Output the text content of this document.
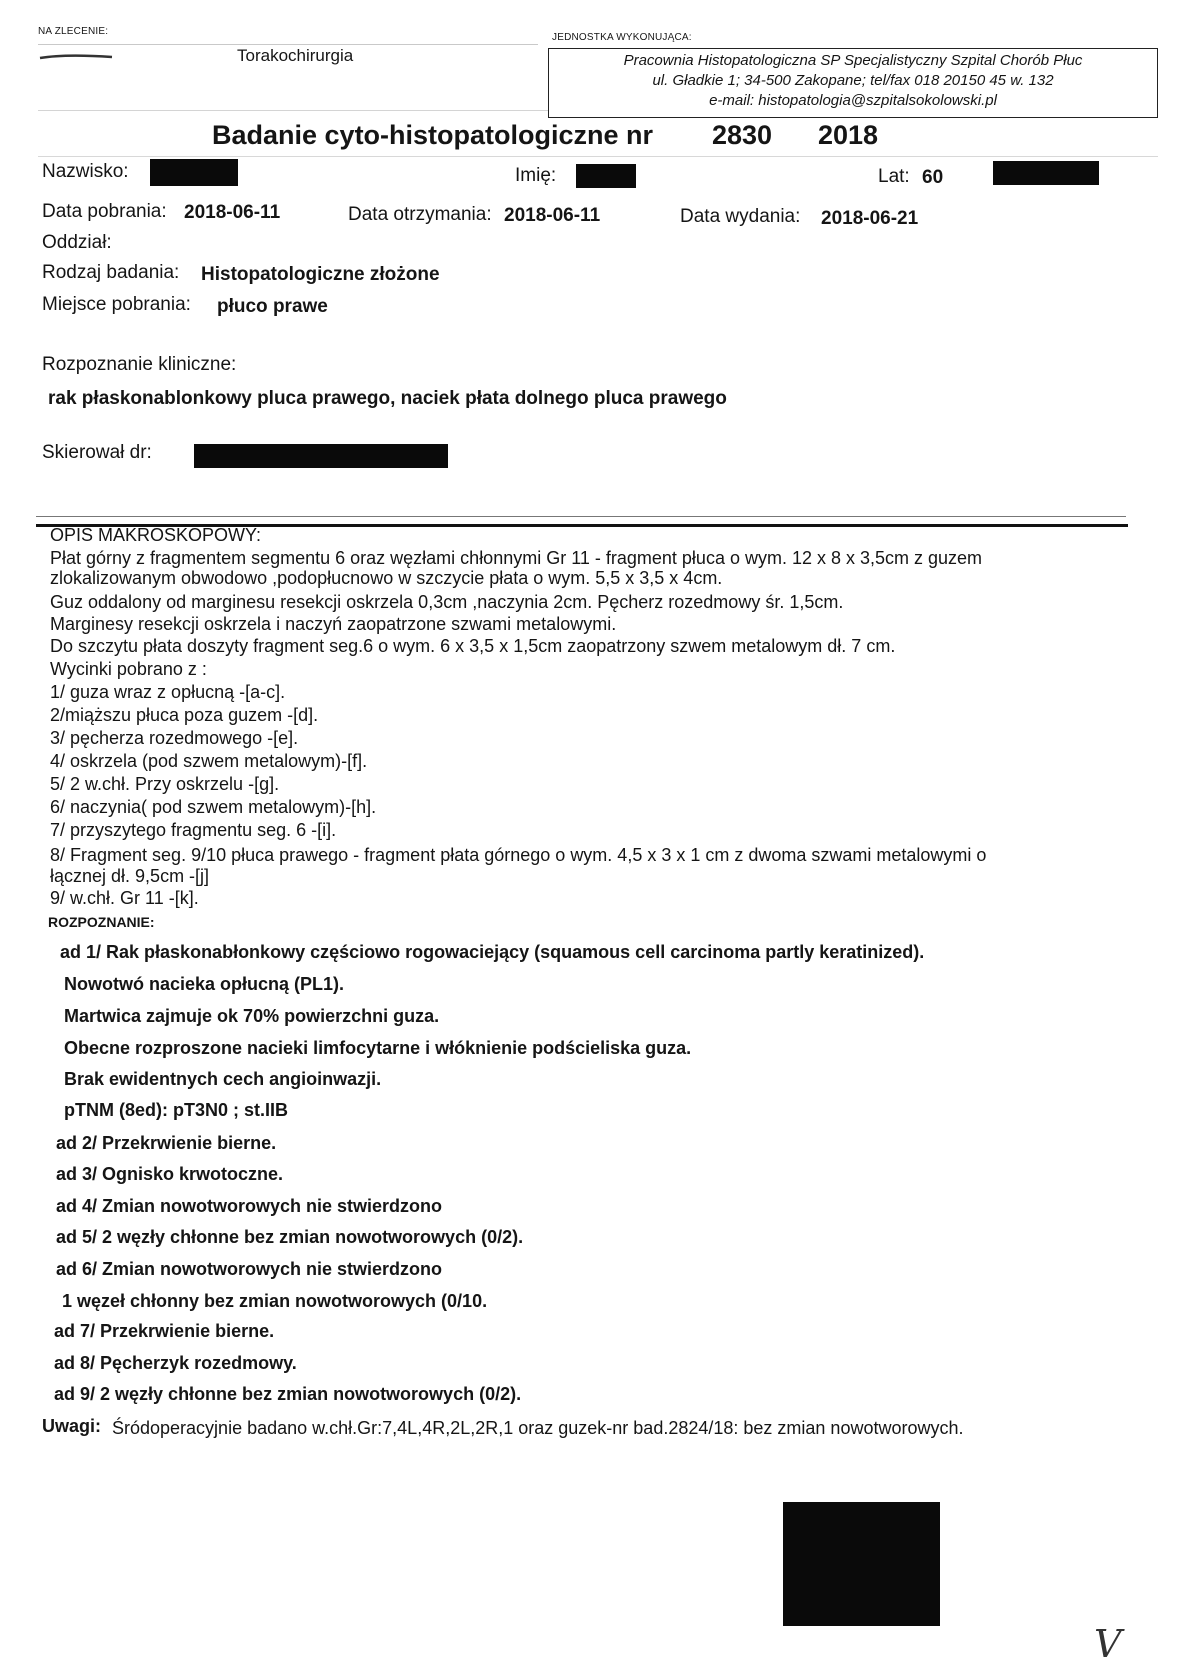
NA ZLECENIE:
Torakochirurgia
JEDNOSTKA WYKONUJĄCA:
Pracownia Histopatologiczna SP Specjalistyczny Szpital Chorób Płuc
ul. Gładkie 1; 34-500 Zakopane; tel/fax 018 20150 45 w. 132
e-mail: histopatologia@szpitalsokolowski.pl
Badanie cyto-histopatologiczne nr 2830 2018
Nazwisko:	Imię:	Lat: 60
Data pobrania: 2018-06-11	Data otrzymania: 2018-06-11	Data wydania: 2018-06-21
Oddział:
Rodzaj badania: Histopatologiczne złożone
Miejsce pobrania: płuco prawe
Rozpoznanie kliniczne:
rak płaskonablonkowy pluca prawego, naciek płata dolnego pluca prawego
Skierował dr:
OPIS MAKROSKOPOWY:
Płat górny z fragmentem segmentu 6 oraz węzłami chłonnymi Gr 11 - fragment płuca o wym. 12 x 8 x 3,5cm z guzem
zlokalizowanym obwodowo ,podopłucnowo w szczycie płata o wym. 5,5 x 3,5 x 4cm.
Guz oddalony od marginesu resekcji oskrzela 0,3cm ,naczynia 2cm. Pęcherz rozedmowy śr. 1,5cm.
Marginesy resekcji oskrzela i naczyń zaopatrzone szwami metalowymi.
Do szczytu płata doszyty fragment seg.6 o wym. 6 x 3,5 x 1,5cm zaopatrzony szwem metalowym dł. 7 cm.
Wycinki pobrano z :
1/ guza wraz z opłucną -[a-c].
2/miąższu płuca poza guzem -[d].
3/ pęcherza rozedmowego -[e].
4/ oskrzela (pod szwem metalowym)-[f].
5/ 2 w.chł. Przy oskrzelu -[g].
6/ naczynia( pod szwem metalowym)-[h].
7/ przyszytego fragmentu seg. 6 -[i].
8/ Fragment seg. 9/10 płuca prawego - fragment płata górnego o wym. 4,5 x 3 x 1 cm z dwoma szwami metalowymi o
łącznej dł. 9,5cm -[j]
9/ w.chł. Gr 11 -[k].
ROZPOZNANIE:
ad 1/ Rak płaskonabłonkowy częściowo rogowaciejący (squamous cell carcinoma partly keratinized).
Nowotwó nacieka opłucną (PL1).
Martwica zajmuje ok 70% powierzchni guza.
Obecne rozproszone nacieki limfocytarne i włóknienie podścieliska guza.
Brak ewidentnych cech angioinwazji.
pTNM (8ed): pT3N0 ; st.IIB
ad 2/ Przekrwienie bierne.
ad 3/ Ognisko krwotoczne.
ad 4/ Zmian nowotworowych nie stwierdzono
ad 5/ 2 węzły chłonne bez zmian nowotworowych (0/2).
ad 6/ Zmian nowotworowych nie stwierdzono
1 węzeł chłonny bez zmian nowotworowych (0/10.
ad 7/ Przekrwienie bierne.
ad 8/ Pęcherzyk rozedmowy.
ad 9/ 2 węzły chłonne bez zmian nowotworowych (0/2).
Uwagi: Śródoperacyjnie badano w.chł.Gr:7,4L,4R,2L,2R,1 oraz guzek-nr bad.2824/18: bez zmian nowotworowych.
V
